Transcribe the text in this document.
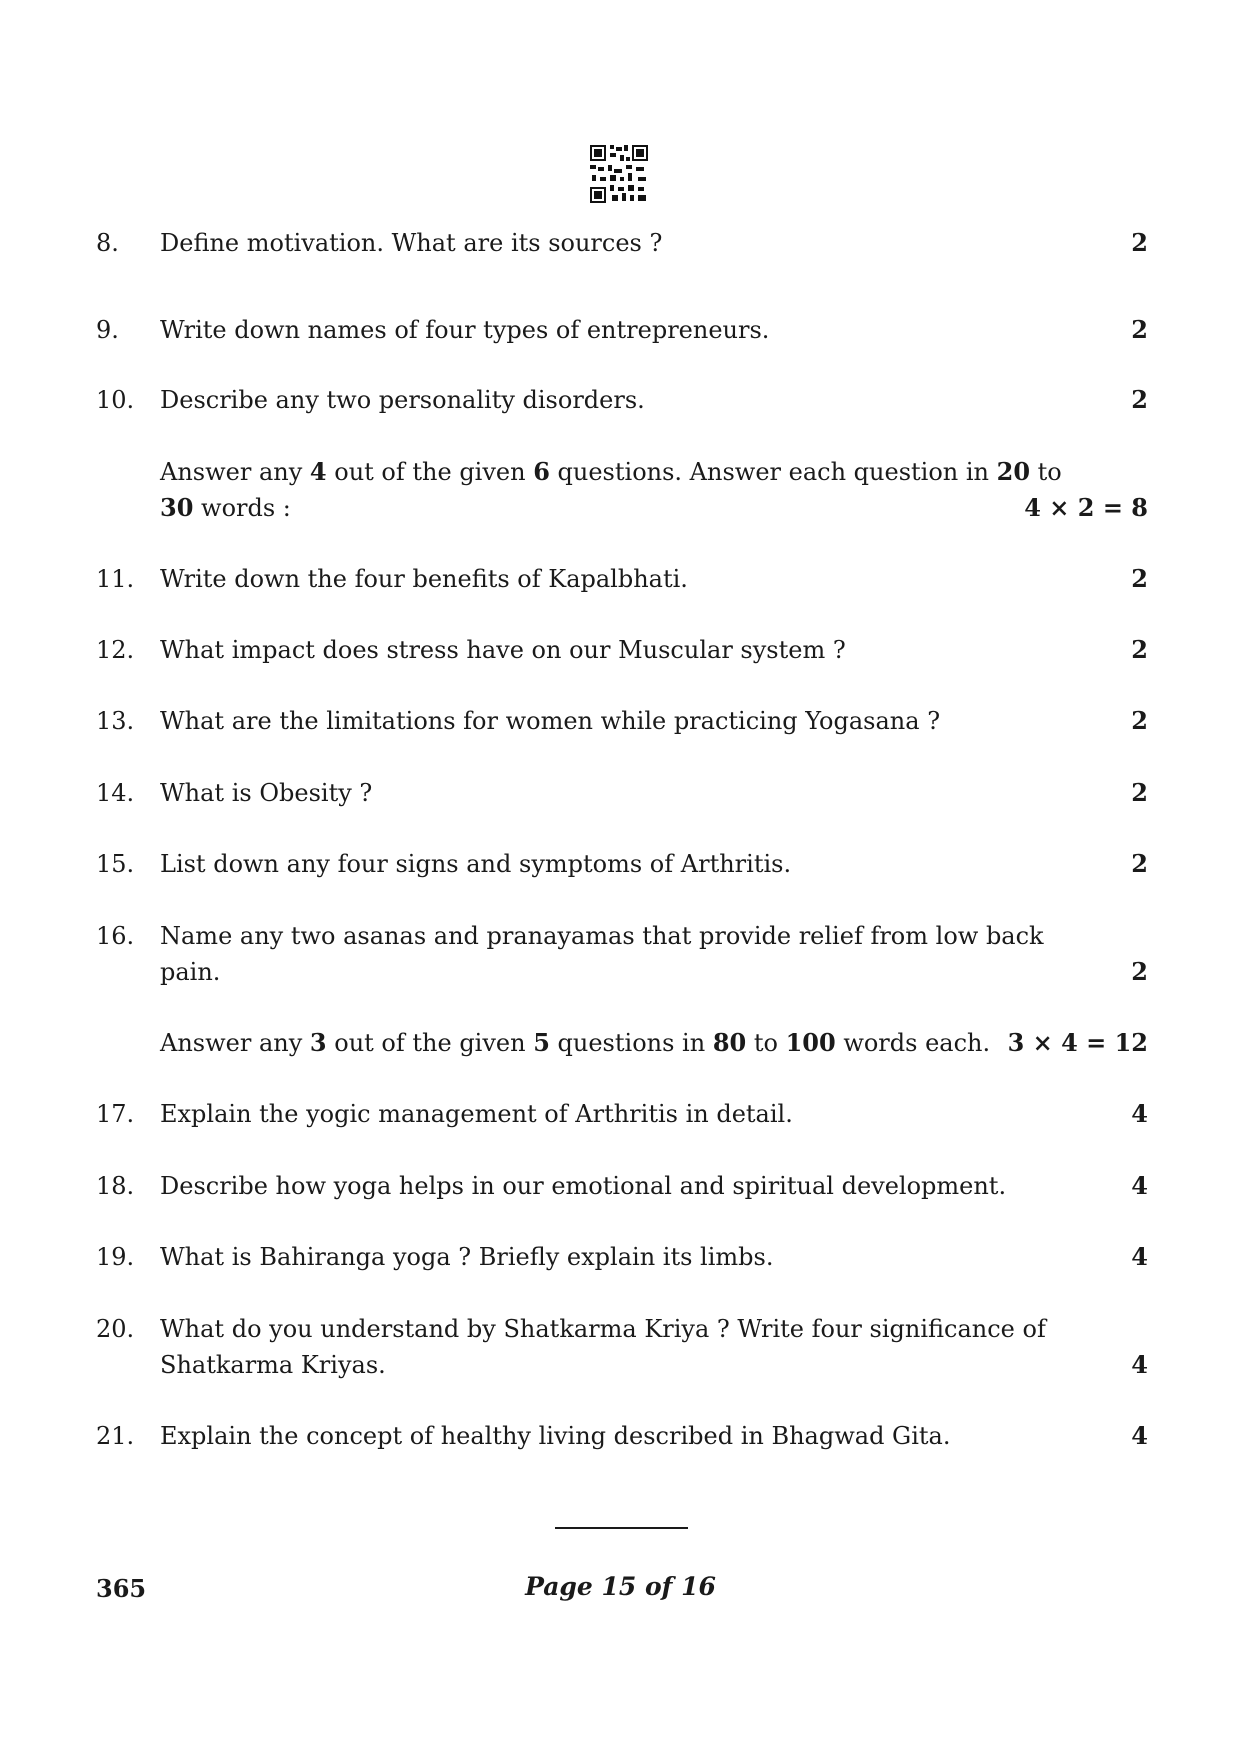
8. Define motivation. What are its sources ?	2
9. Write down names of four types of entrepreneurs.	2
10. Describe any two personality disorders.	2
Answer any 4 out of the given 6 questions. Answer each question in 20 to
30 words :	4 × 2 = 8
11. Write down the four benefits of Kapalbhati.	2
12. What impact does stress have on our Muscular system ?	2
13. What are the limitations for women while practicing Yogasana ?	2
14. What is Obesity ?	2
15. List down any four signs and symptoms of Arthritis.	2
16. Name any two asanas and pranayamas that provide relief from low back
pain.	2
Answer any 3 out of the given 5 questions in 80 to 100 words each. 3 × 4 = 12
17. Explain the yogic management of Arthritis in detail.	4
18. Describe how yoga helps in our emotional and spiritual development.	4
19. What is Bahiranga yoga ? Briefly explain its limbs.	4
20. What do you understand by Shatkarma Kriya ? Write four significance of
Shatkarma Kriyas.	4
21. Explain the concept of healthy living described in Bhagwad Gita.	4
365	Page 15 of 16
